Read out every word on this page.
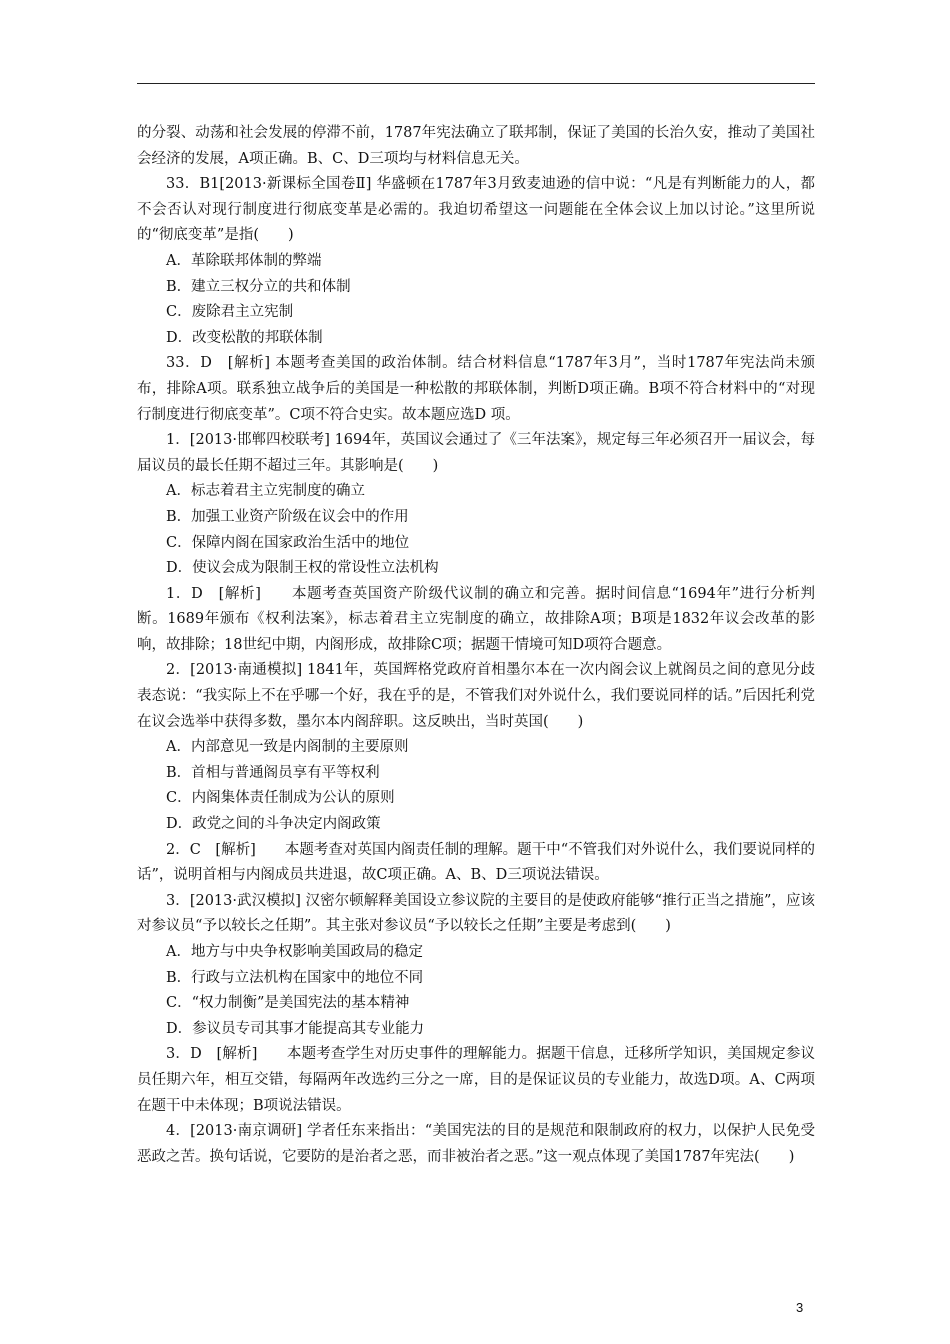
的分裂、动荡和社会发展的停滞不前，1787年宪法确立了联邦制，保证了美国的长治久安，推动了美国社会经济的发展，A项正确。B、C、D三项均与材料信息无关。

33．B1[2013·新课标全国卷Ⅱ] 华盛顿在1787年3月致麦迪逊的信中说：“凡是有判断能力的人，都不会否认对现行制度进行彻底变革是必需的。我迫切希望这一问题能在全体会议上加以讨论。”这里所说的“彻底变革”是指(　　)

A．革除联邦体制的弊端

B．建立三权分立的共和体制

C．废除君主立宪制

D．改变松散的邦联体制

33．D　[解析] 本题考查美国的政治体制。结合材料信息“1787年3月”，当时1787年宪法尚未颁布，排除A项。联系独立战争后的美国是一种松散的邦联体制，判断D项正确。B项不符合材料中的“对现行制度进行彻底变革”。C项不符合史实。故本题应选D 项。

1．[2013·邯郸四校联考] 1694年，英国议会通过了《三年法案》，规定每三年必须召开一届议会，每届议员的最长任期不超过三年。其影响是(　　)

A．标志着君主立宪制度的确立

B．加强工业资产阶级在议会中的作用

C．保障内阁在国家政治生活中的地位

D．使议会成为限制王权的常设性立法机构

1．D　[解析]　　本题考查英国资产阶级代议制的确立和完善。据时间信息“1694年”进行分析判断。1689年颁布《权利法案》，标志着君主立宪制度的确立，故排除A项；B项是1832年议会改革的影响，故排除；18世纪中期，内阁形成，故排除C项；据题干情境可知D项符合题意。

2．[2013·南通模拟] 1841年，英国辉格党政府首相墨尔本在一次内阁会议上就阁员之间的意见分歧表态说：“我实际上不在乎哪一个好，我在乎的是，不管我们对外说什么，我们要说同样的话。”后因托利党在议会选举中获得多数，墨尔本内阁辞职。这反映出，当时英国(　　)

A．内部意见一致是内阁制的主要原则

B．首相与普通阁员享有平等权利

C．内阁集体责任制成为公认的原则

D．政党之间的斗争决定内阁政策

2．C　[解析]　　本题考查对英国内阁责任制的理解。题干中“不管我们对外说什么，我们要说同样的话”，说明首相与内阁成员共进退，故C项正确。A、B、D三项说法错误。

3．[2013·武汉模拟] 汉密尔顿解释美国设立参议院的主要目的是使政府能够“推行正当之措施”，应该对参议员“予以较长之任期”。其主张对参议员“予以较长之任期”主要是考虑到(　　)

A．地方与中央争权影响美国政局的稳定

B．行政与立法机构在国家中的地位不同

C．“权力制衡”是美国宪法的基本精神

D．参议员专司其事才能提高其专业能力

3．D　[解析]　　本题考查学生对历史事件的理解能力。据题干信息，迁移所学知识，美国规定参议员任期六年，相互交错，每隔两年改选约三分之一席，目的是保证议员的专业能力，故选D项。A、C两项在题干中未体现；B项说法错误。

4．[2013·南京调研] 学者任东来指出：“美国宪法的目的是规范和限制政府的权力，以保护人民免受恶政之苦。换句话说，它要防的是治者之恶，而非被治者之恶。”这一观点体现了美国1787年宪法(　　)

3
